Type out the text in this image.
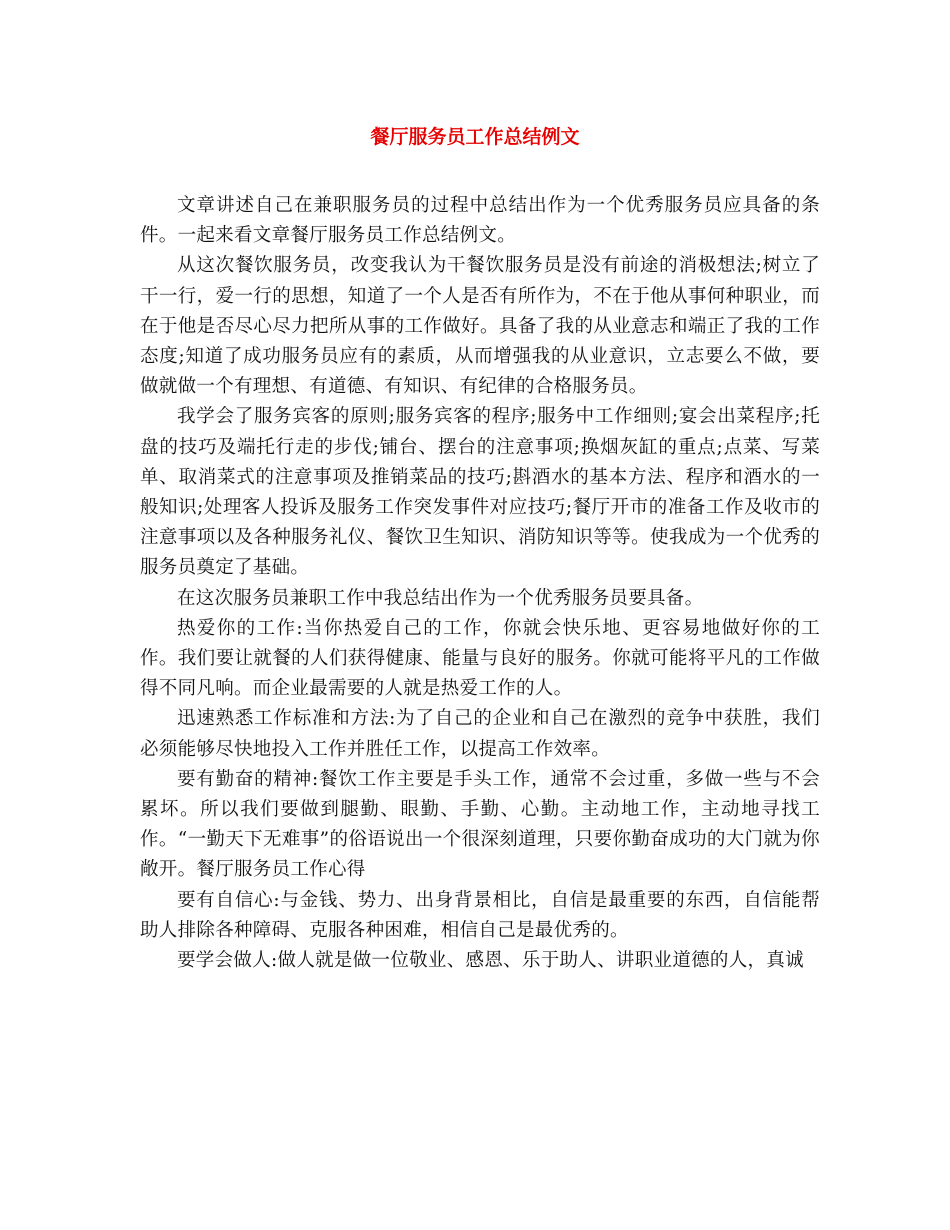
餐厅服务员工作总结例文

文章讲述自己在兼职服务员的过程中总结出作为一个优秀服务员应具备的条件。一起来看文章餐厅服务员工作总结例文。

从这次餐饮服务员，改变我认为干餐饮服务员是没有前途的消极想法;树立了干一行，爱一行的思想，知道了一个人是否有所作为，不在于他从事何种职业，而在于他是否尽心尽力把所从事的工作做好。具备了我的从业意志和端正了我的工作态度;知道了成功服务员应有的素质，从而增强我的从业意识，立志要么不做，要做就做一个有理想、有道德、有知识、有纪律的合格服务员。

我学会了服务宾客的原则;服务宾客的程序;服务中工作细则;宴会出菜程序;托盘的技巧及端托行走的步伐;铺台、摆台的注意事项;换烟灰缸的重点;点菜、写菜单、取消菜式的注意事项及推销菜品的技巧;斟酒水的基本方法、程序和酒水的一般知识;处理客人投诉及服务工作突发事件对应技巧;餐厅开市的准备工作及收市的注意事项以及各种服务礼仪、餐饮卫生知识、消防知识等等。使我成为一个优秀的服务员奠定了基础。

在这次服务员兼职工作中我总结出作为一个优秀服务员要具备。

热爱你的工作:当你热爱自己的工作，你就会快乐地、更容易地做好你的工作。我们要让就餐的人们获得健康、能量与良好的服务。你就可能将平凡的工作做得不同凡响。而企业最需要的人就是热爱工作的人。

迅速熟悉工作标准和方法:为了自己的企业和自己在激烈的竞争中获胜，我们必须能够尽快地投入工作并胜任工作，以提高工作效率。

要有勤奋的精神:餐饮工作主要是手头工作，通常不会过重，多做一些与不会累坏。所以我们要做到腿勤、眼勤、手勤、心勤。主动地工作，主动地寻找工作。“一勤天下无难事”的俗语说出一个很深刻道理，只要你勤奋成功的大门就为你敞开。餐厅服务员工作心得

要有自信心:与金钱、势力、出身背景相比，自信是最重要的东西，自信能帮助人排除各种障碍、克服各种困难，相信自己是最优秀的。

要学会做人:做人就是做一位敬业、感恩、乐于助人、讲职业道德的人，真诚
